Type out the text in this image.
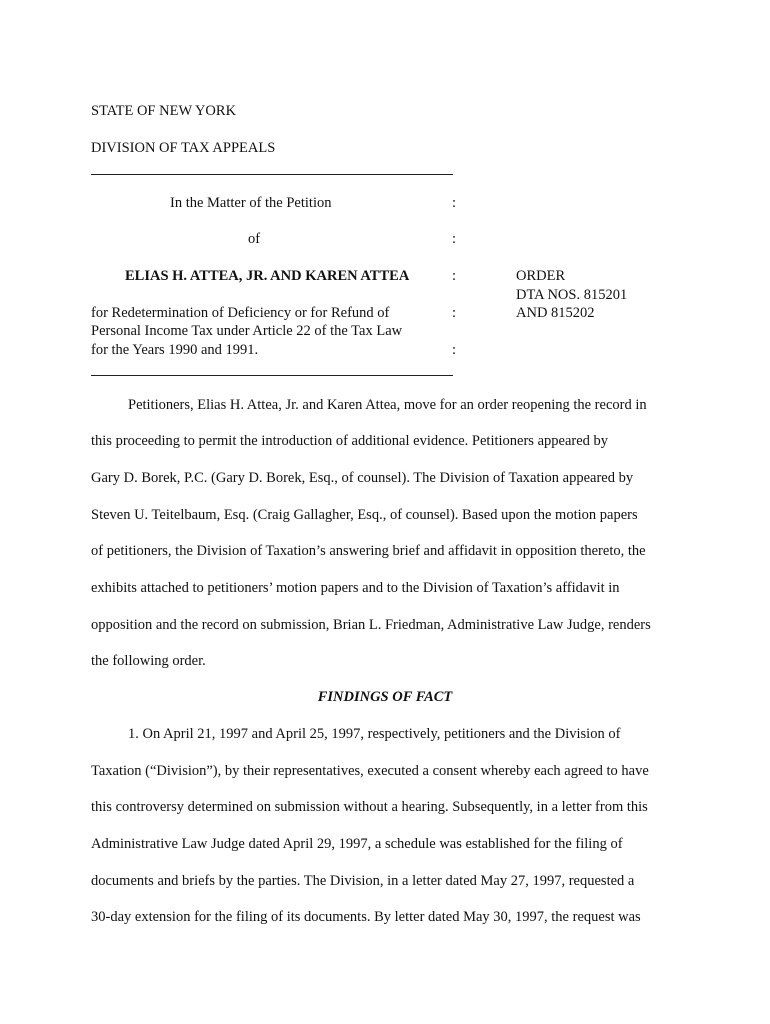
STATE OF NEW YORK
DIVISION OF TAX APPEALS
In the Matter of the Petition	:
of	:
ELIAS H. ATTEA, JR. AND KAREN ATTEA	:	ORDER
DTA NOS. 815201
AND 815202
for Redetermination of Deficiency or for Refund of	:
Personal Income Tax under Article 22 of the Tax Law
for the Years 1990 and 1991.	:
Petitioners, Elias H. Attea, Jr. and Karen Attea, move for an order reopening the record in
this proceeding to permit the introduction of additional evidence. Petitioners appeared by
Gary D. Borek, P.C. (Gary D. Borek, Esq., of counsel). The Division of Taxation appeared by
Steven U. Teitelbaum, Esq. (Craig Gallagher, Esq., of counsel). Based upon the motion papers
of petitioners, the Division of Taxation’s answering brief and affidavit in opposition thereto, the
exhibits attached to petitioners’ motion papers and to the Division of Taxation’s affidavit in
opposition and the record on submission, Brian L. Friedman, Administrative Law Judge, renders
the following order.
FINDINGS OF FACT
1. On April 21, 1997 and April 25, 1997, respectively, petitioners and the Division of
Taxation (“Division”), by their representatives, executed a consent whereby each agreed to have
this controversy determined on submission without a hearing. Subsequently, in a letter from this
Administrative Law Judge dated April 29, 1997, a schedule was established for the filing of
documents and briefs by the parties. The Division, in a letter dated May 27, 1997, requested a
30-day extension for the filing of its documents. By letter dated May 30, 1997, the request was
